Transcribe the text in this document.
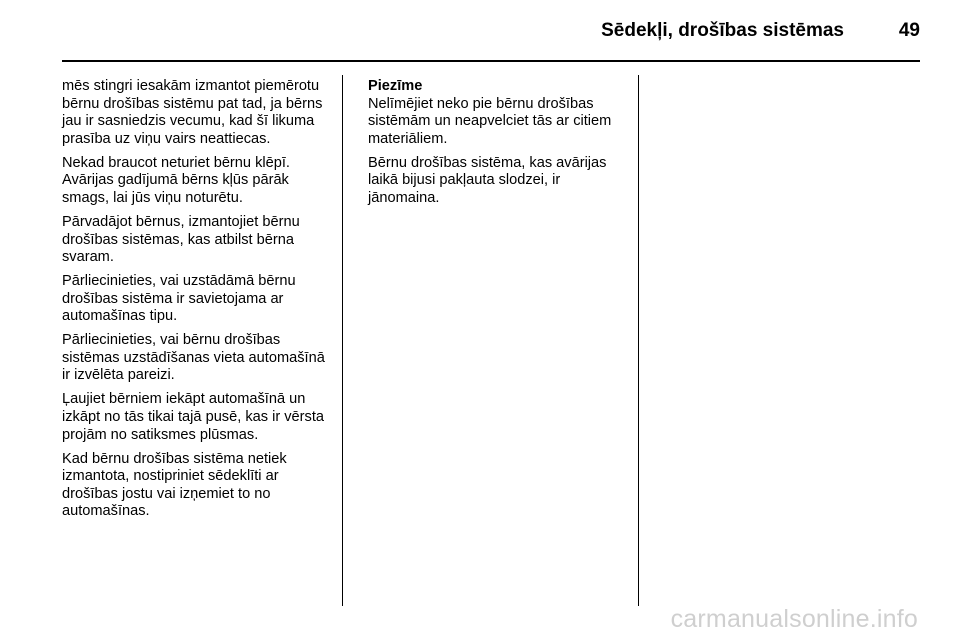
Sēdekļi, drošības sistēmas	49

mēs stingri iesakām izmantot piemērotu bērnu drošības sistēmu pat tad, ja bērns jau ir sasniedzis vecumu, kad šī likuma prasība uz viņu vairs neattiecas.

Nekad braucot neturiet bērnu klēpī. Avārijas gadījumā bērns kļūs pārāk smags, lai jūs viņu noturētu.

Pārvadājot bērnus, izmantojiet bērnu drošības sistēmas, kas atbilst bērna svaram.

Pārliecinieties, vai uzstādāmā bērnu drošības sistēma ir savietojama ar automašīnas tipu.

Pārliecinieties, vai bērnu drošības sistēmas uzstādīšanas vieta automašīnā ir izvēlēta pareizi.

Ļaujiet bērniem iekāpt automašīnā un izkāpt no tās tikai tajā pusē, kas ir vērsta projām no satiksmes plūsmas.

Kad bērnu drošības sistēma netiek izmantota, nostipriniet sēdeklīti ar drošības jostu vai izņemiet to no automašīnas.

Piezīme
Nelīmējiet neko pie bērnu drošības sistēmām un neapvelciet tās ar citiem materiāliem.

Bērnu drošības sistēma, kas avārijas laikā bijusi pakļauta slodzei, ir jānomaina.

carmanualsonline.info
